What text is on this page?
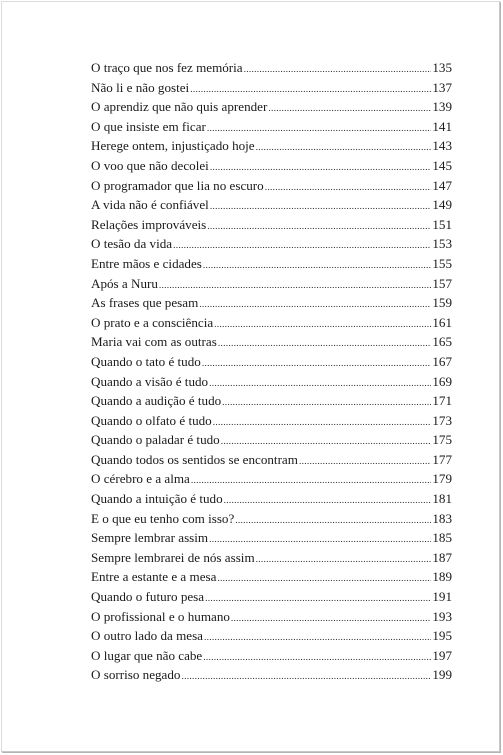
O traço que nos fez memória .....	135
Não li e não gostei .....	137
O aprendiz que não quis aprender .....	139
O que insiste em ficar .....	141
Herege ontem, injustiçado hoje .....	143
O voo que não decolei .....	145
O programador que lia no escuro .....	147
A vida não é confiável .....	149
Relações improváveis .....	151
O tesão da vida .....	153
Entre mãos e cidades .....	155
Após a Nuru .....	157
As frases que pesam .....	159
O prato e a consciência .....	161
Maria vai com as outras .....	165
Quando o tato é tudo .....	167
Quando a visão é tudo .....	169
Quando a audição é tudo .....	171
Quando o olfato é tudo .....	173
Quando o paladar é tudo .....	175
Quando todos os sentidos se encontram .....	177
O cérebro e a alma .....	179
Quando a intuição é tudo .....	181
E o que eu tenho com isso? .....	183
Sempre lembrar assim .....	185
Sempre lembrarei de nós assim .....	187
Entre a estante e a mesa .....	189
Quando o futuro pesa .....	191
O profissional e o humano .....	193
O outro lado da mesa .....	195
O lugar que não cabe .....	197
O sorriso negado .....	199
